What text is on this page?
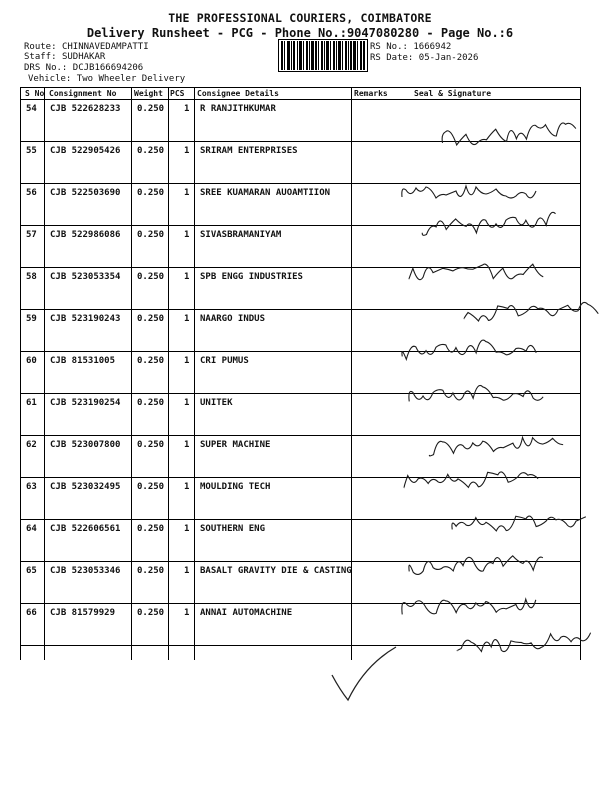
THE PROFESSIONAL COURIERS, COIMBATORE
Delivery Runsheet - PCG - Phone No.:9047080280 - Page No.:6
Route: CHINNAVEDAMPATTI
Staff: SUDHAKAR
DRS No.: DCJB166694206
Vehicle: Two Wheeler Delivery
RS No.: 1666942
RS Date: 05-Jan-2026
S No Consignment No Weight PCS Consignee Details	Remarks	Seal & Signature
54 CJB 522628233 0.250 1 R RANJITHKUMAR
55 CJB 522905426 0.250 1 SRIRAM ENTERPRISES
56 CJB 522503690 0.250 1 SREE KUAMARAN AUOAMTIION
57 CJB 522986086 0.250 1 SIVASBRAMANIYAM
58 CJB 523053354 0.250 1 SPB ENGG INDUSTRIES
59 CJB 523190243 0.250 1 NAARGO INDUS
60 CJB 81531005 0.250 1 CRI PUMUS
61 CJB 523190254 0.250 1 UNITEK
62 CJB 523007800 0.250 1 SUPER MACHINE
63 CJB 523032495 0.250 1 MOULDING TECH
64 CJB 522606561 0.250 1 SOUTHERN ENG
65 CJB 523053346 0.250 1 BASALT GRAVITY DIE & CASTING
66 CJB 81579929 0.250 1 ANNAI AUTOMACHINE
